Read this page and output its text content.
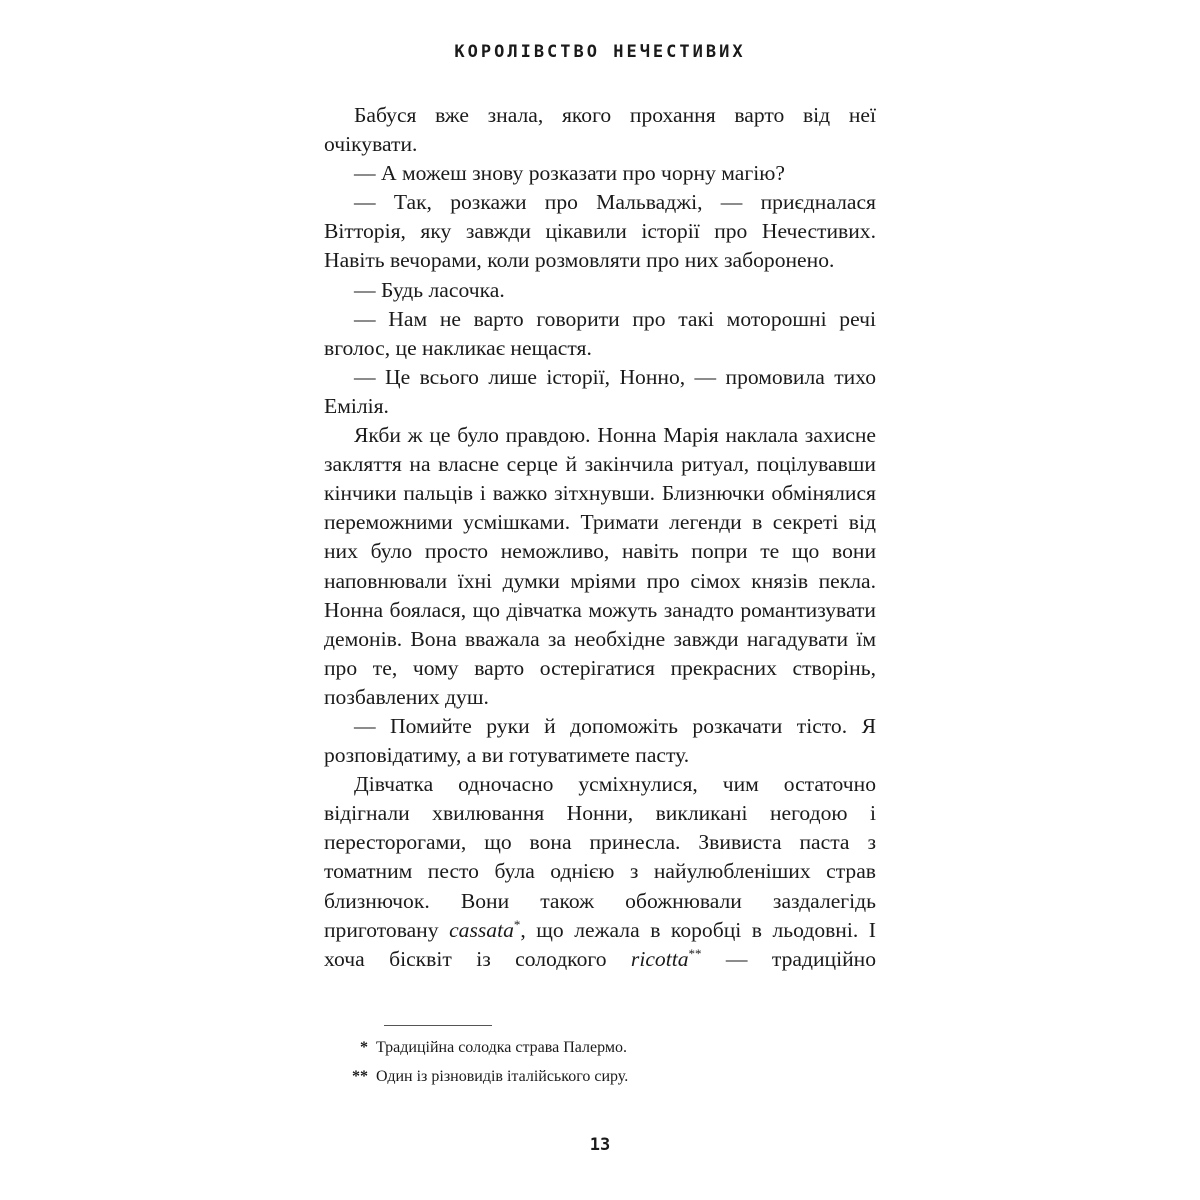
КОРОЛІВСТВО НЕЧЕСТИВИХ

Бабуся вже знала, якого прохання варто від неї очікувати.

— А можеш знову розказати про чорну магію?

— Так, розкажи про Мальваджі, — приєдналася Вітторія, яку завжди цікавили історії про Нечестивих. Навіть вечорами, коли розмовляти про них заборонено.

— Будь ласочка.

— Нам не варто говорити про такі моторошні речі вголос, це накликає нещастя.

— Це всього лише історії, Нонно, — промовила тихо Емілія.

Якби ж це було правдою. Нонна Марія наклала захисне закляття на власне серце й закінчила ритуал, поцілувавши кінчики пальців і важко зітхнувши. Близнючки обмінялися переможними усмішками. Тримати легенди в секреті від них було просто неможливо, навіть попри те що вони наповнювали їхні думки мріями про сімох князів пекла. Нонна боялася, що дівчатка можуть занадто романтизувати демонів. Вона вважала за необхідне завжди нагадувати їм про те, чому варто остерігатися прекрасних створінь, позбавлених душ.

— Помийте руки й допоможіть розкачати тісто. Я розповідатиму, а ви готуватимете пасту.

Дівчатка одночасно усміхнулися, чим остаточно відігнали хвилювання Нонни, викликані негодою і пересторогами, що вона принесла. Звивиста паста з томатним песто була однією з найулюбленіших страв близнючок. Вони також обожнювали заздалегідь приготовану cassata*, що лежала в коробці в льодовні. І хоча бісквіт із солодкого ricotta** — традиційно

* Традиційна солодка страва Палермо.
** Один із різновидів італійського сиру.
13
